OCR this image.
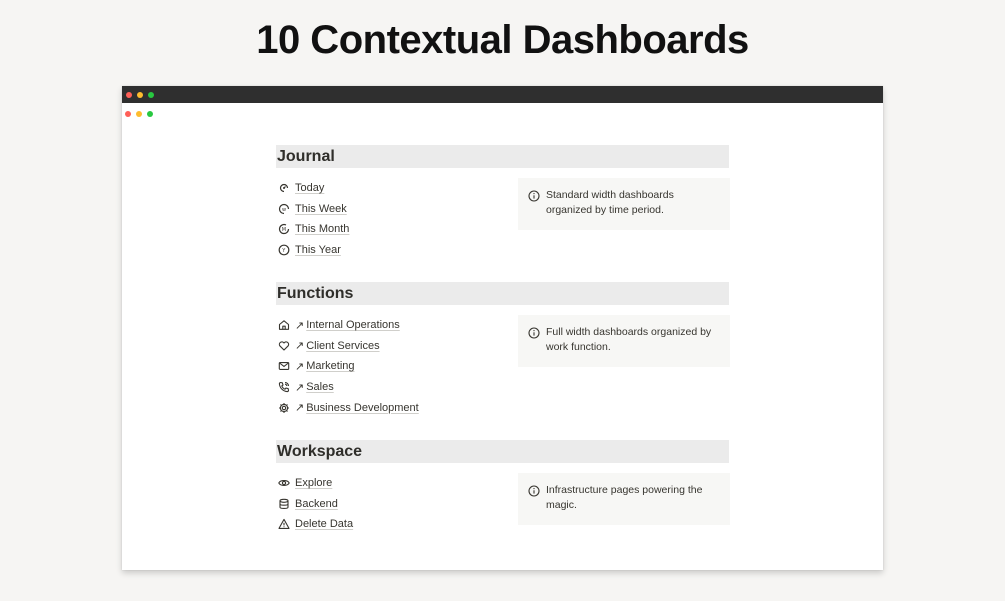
10 Contextual Dashboards
Journal
Today
w This Week
M This Month
Y This Year
Standard width dashboards organized by time period.
Functions
↗ Internal Operations
↗ Client Services
↗ Marketing
↗ Sales
↗ Business Development
Full width dashboards organized by work function.
Workspace
Explore
Backend
Delete Data
Infrastructure pages powering the magic.
